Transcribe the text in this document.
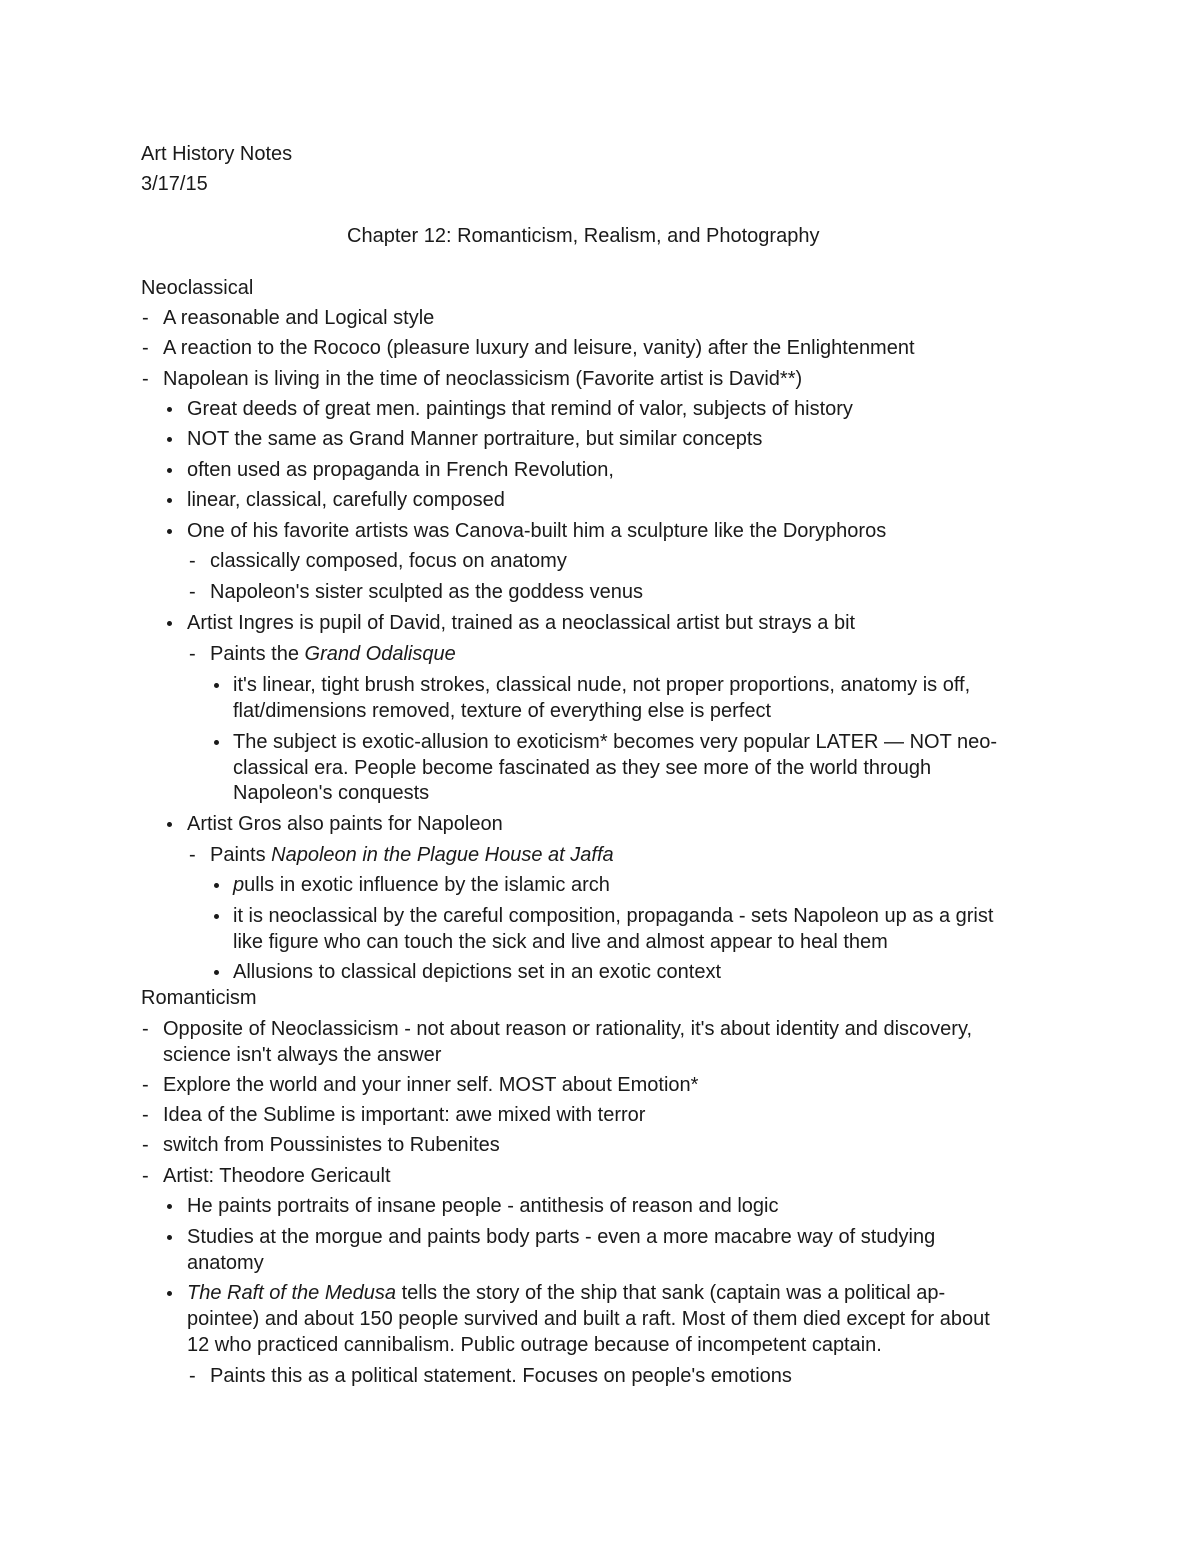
Art History Notes
3/17/15
Chapter 12: Romanticism, Realism, and Photography
Neoclassical
- A reasonable and Logical style
- A reaction to the Rococo (pleasure luxury and leisure, vanity) after the Enlightenment
- Napolean is living in the time of neoclassicism (Favorite artist is David**)
Great deeds of great men. paintings that remind of valor, subjects of history
NOT the same as Grand Manner portraiture, but similar concepts
often used as propaganda in French Revolution,
linear, classical, carefully composed
One of his favorite artists was Canova-built him a sculpture like the Doryphoros
- classically composed, focus on anatomy
- Napoleon's sister sculpted as the goddess venus
Artist Ingres is pupil of David, trained as a neoclassical artist but strays a bit
- Paints the Grand Odalisque
it's linear, tight brush strokes, classical nude, not proper proportions, anatomy is off,
flat/dimensions removed, texture of everything else is perfect
The subject is exotic-allusion to exoticism* becomes very popular LATER — NOT neo-
classical era. People become fascinated as they see more of the world through
Napoleon's conquests
Artist Gros also paints for Napoleon
- Paints Napoleon in the Plague House at Jaffa
pulls in exotic influence by the islamic arch
it is neoclassical by the careful composition, propaganda - sets Napoleon up as a grist
like figure who can touch the sick and live and almost appear to heal them
Allusions to classical depictions set in an exotic context
Romanticism
- Opposite of Neoclassicism - not about reason or rationality, it's about identity and discovery,
science isn't always the answer
- Explore the world and your inner self. MOST about Emotion*
- Idea of the Sublime is important: awe mixed with terror
- switch from Poussinistes to Rubenites
- Artist: Theodore Gericault
He paints portraits of insane people - antithesis of reason and logic
Studies at the morgue and paints body parts - even a more macabre way of studying
anatomy
The Raft of the Medusa tells the story of the ship that sank (captain was a political ap-
pointee) and about 150 people survived and built a raft. Most of them died except for about
12 who practiced cannibalism. Public outrage because of incompetent captain.
- Paints this as a political statement. Focuses on people's emotions
